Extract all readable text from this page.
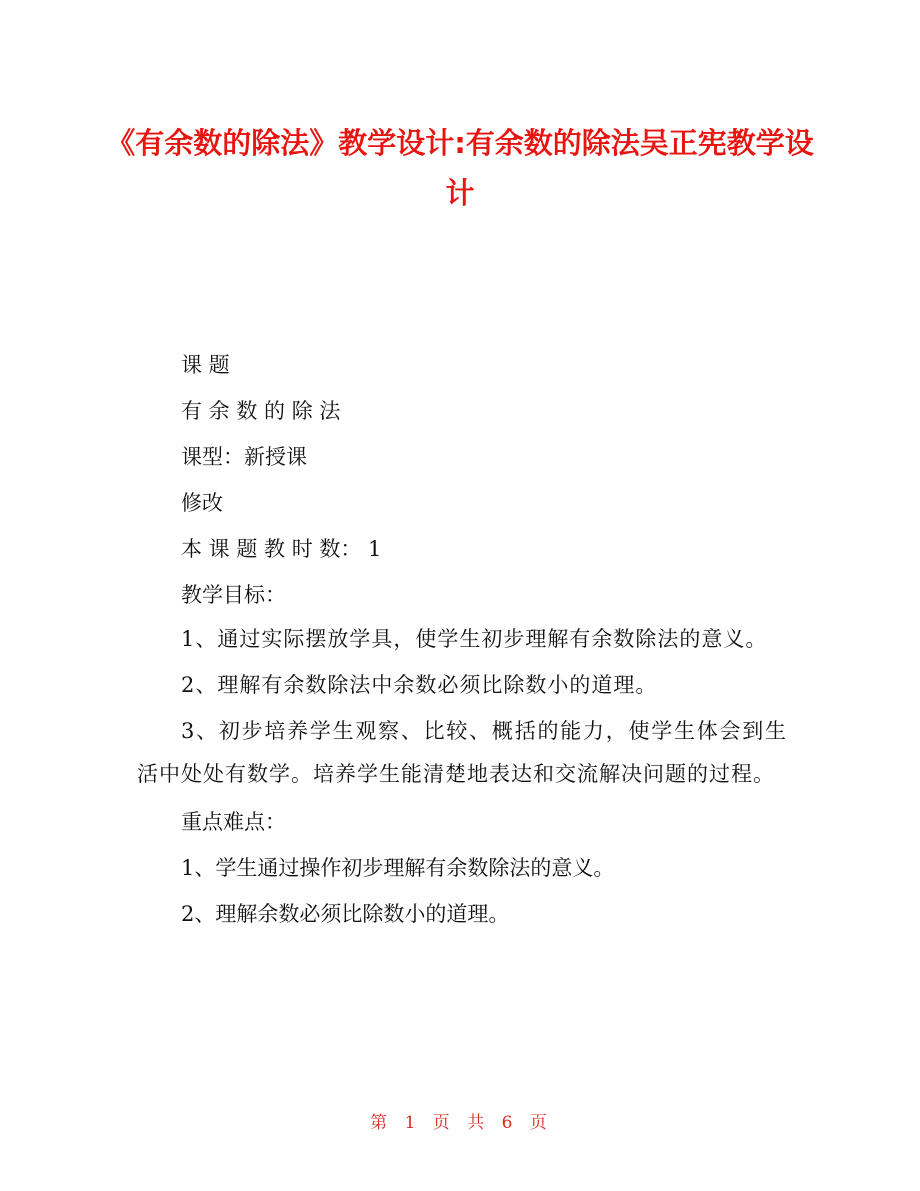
《有余数的除法》教学设计:有余数的除法吴正宪教学设计

课 题

有 余 数 的 除 法

课型：新授课

修改

本 课 题 教 时 数： 1

教学目标：

1、通过实际摆放学具，使学生初步理解有余数除法的意义。

2、理解有余数除法中余数必须比除数小的道理。

3、初步培养学生观察、比较、概括的能力，使学生体会到生活中处处有数学。培养学生能清楚地表达和交流解决问题的过程。

重点难点：

1、学生通过操作初步理解有余数除法的意义。

2、理解余数必须比除数小的道理。

第 1 页 共 6 页
